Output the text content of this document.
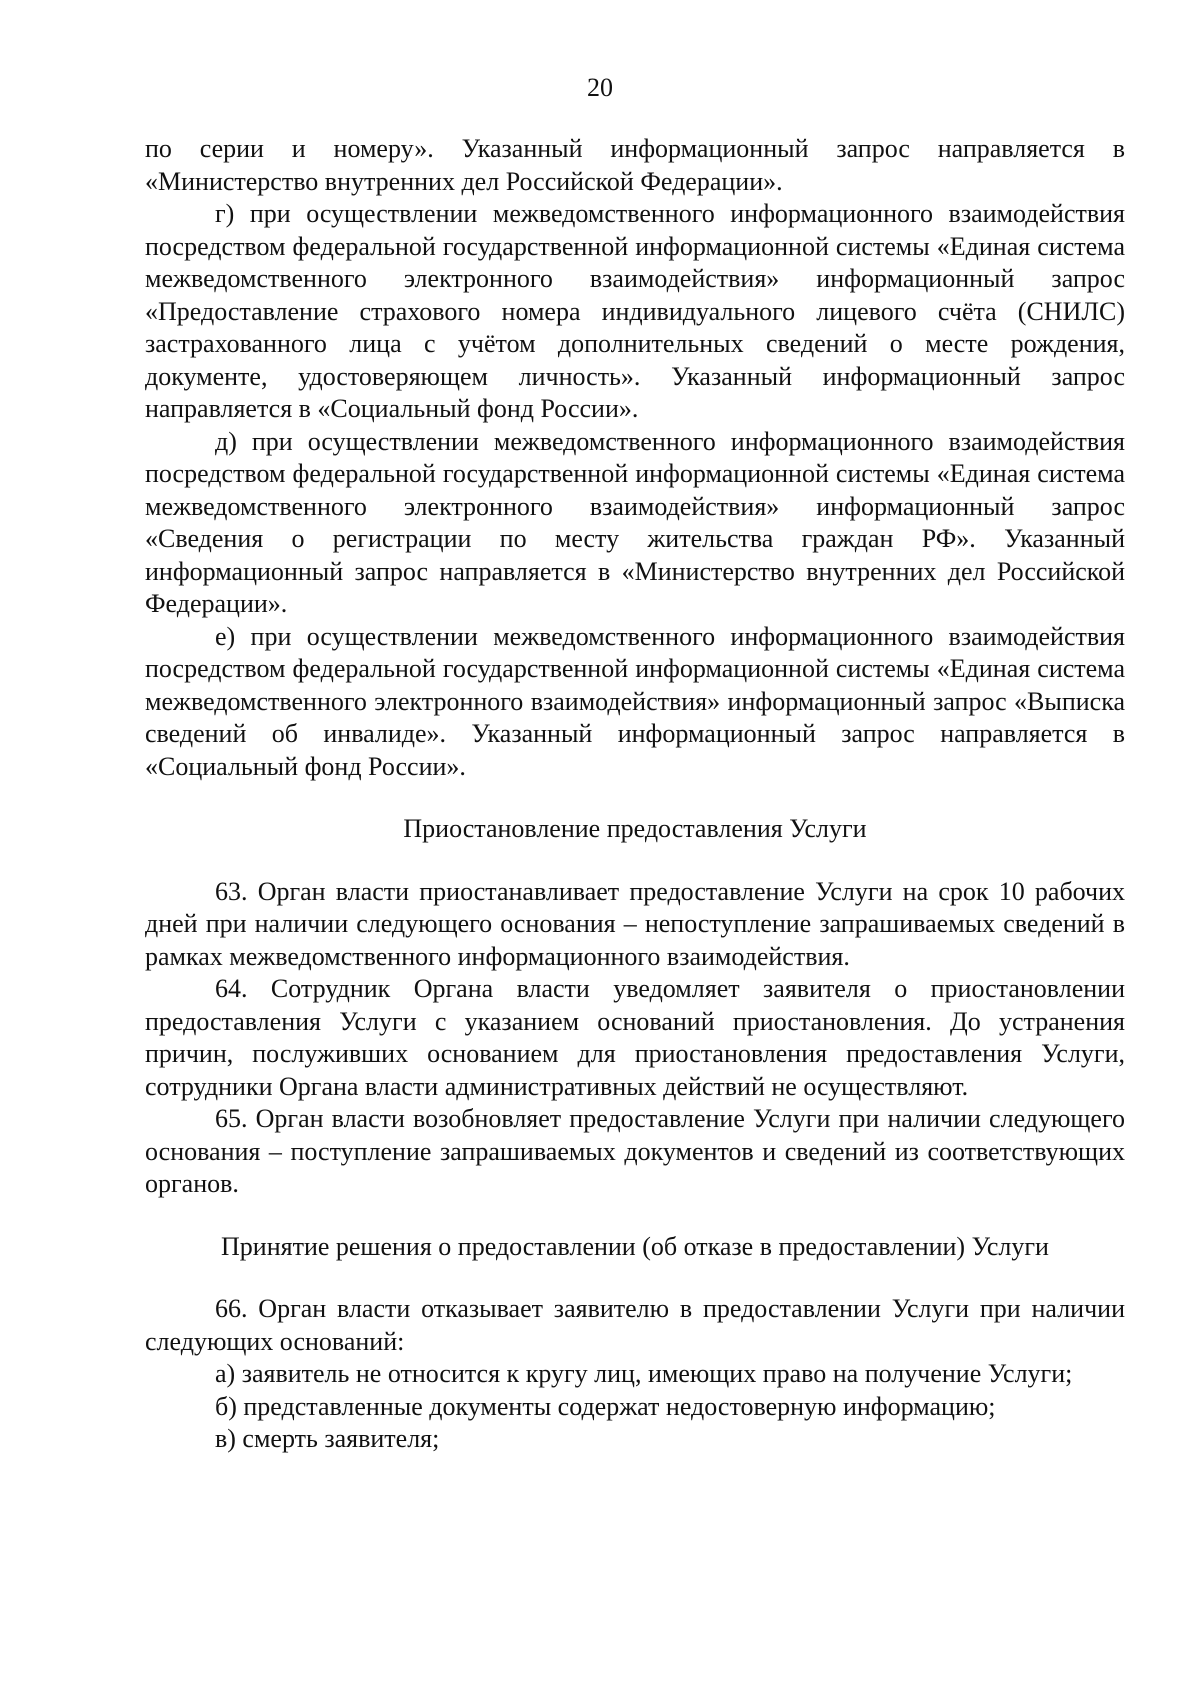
20

по серии и номеру». Указанный информационный запрос направляется в «Министерство внутренних дел Российской Федерации».

г) при осуществлении межведомственного информационного взаимодействия посредством федеральной государственной информационной системы «Единая система межведомственного электронного взаимодействия» информационный запрос «Предоставление страхового номера индивидуального лицевого счёта (СНИЛС) застрахованного лица с учётом дополнительных сведений о месте рождения, документе, удостоверяющем личность». Указанный информационный запрос направляется в «Социальный фонд России».

д) при осуществлении межведомственного информационного взаимодействия посредством федеральной государственной информационной системы «Единая система межведомственного электронного взаимодействия» информационный запрос «Сведения о регистрации по месту жительства граждан РФ». Указанный информационный запрос направляется в «Министерство внутренних дел Российской Федерации».

е) при осуществлении межведомственного информационного взаимодействия посредством федеральной государственной информационной системы «Единая система межведомственного электронного взаимодействия» информационный запрос «Выписка сведений об инвалиде». Указанный информационный запрос направляется в «Социальный фонд России».

Приостановление предоставления Услуги

63. Орган власти приостанавливает предоставление Услуги на срок 10 рабочих дней при наличии следующего основания – непоступление запрашиваемых сведений в рамках межведомственного информационного взаимодействия.

64. Сотрудник Органа власти уведомляет заявителя о приостановлении предоставления Услуги с указанием оснований приостановления. До устранения причин, послуживших основанием для приостановления предоставления Услуги, сотрудники Органа власти административных действий не осуществляют.

65. Орган власти возобновляет предоставление Услуги при наличии следующего основания – поступление запрашиваемых документов и сведений из соответствующих органов.

Принятие решения о предоставлении (об отказе в предоставлении) Услуги

66. Орган власти отказывает заявителю в предоставлении Услуги при наличии следующих оснований:

а) заявитель не относится к кругу лиц, имеющих право на получение Услуги;

б) представленные документы содержат недостоверную информацию;

в) смерть заявителя;
